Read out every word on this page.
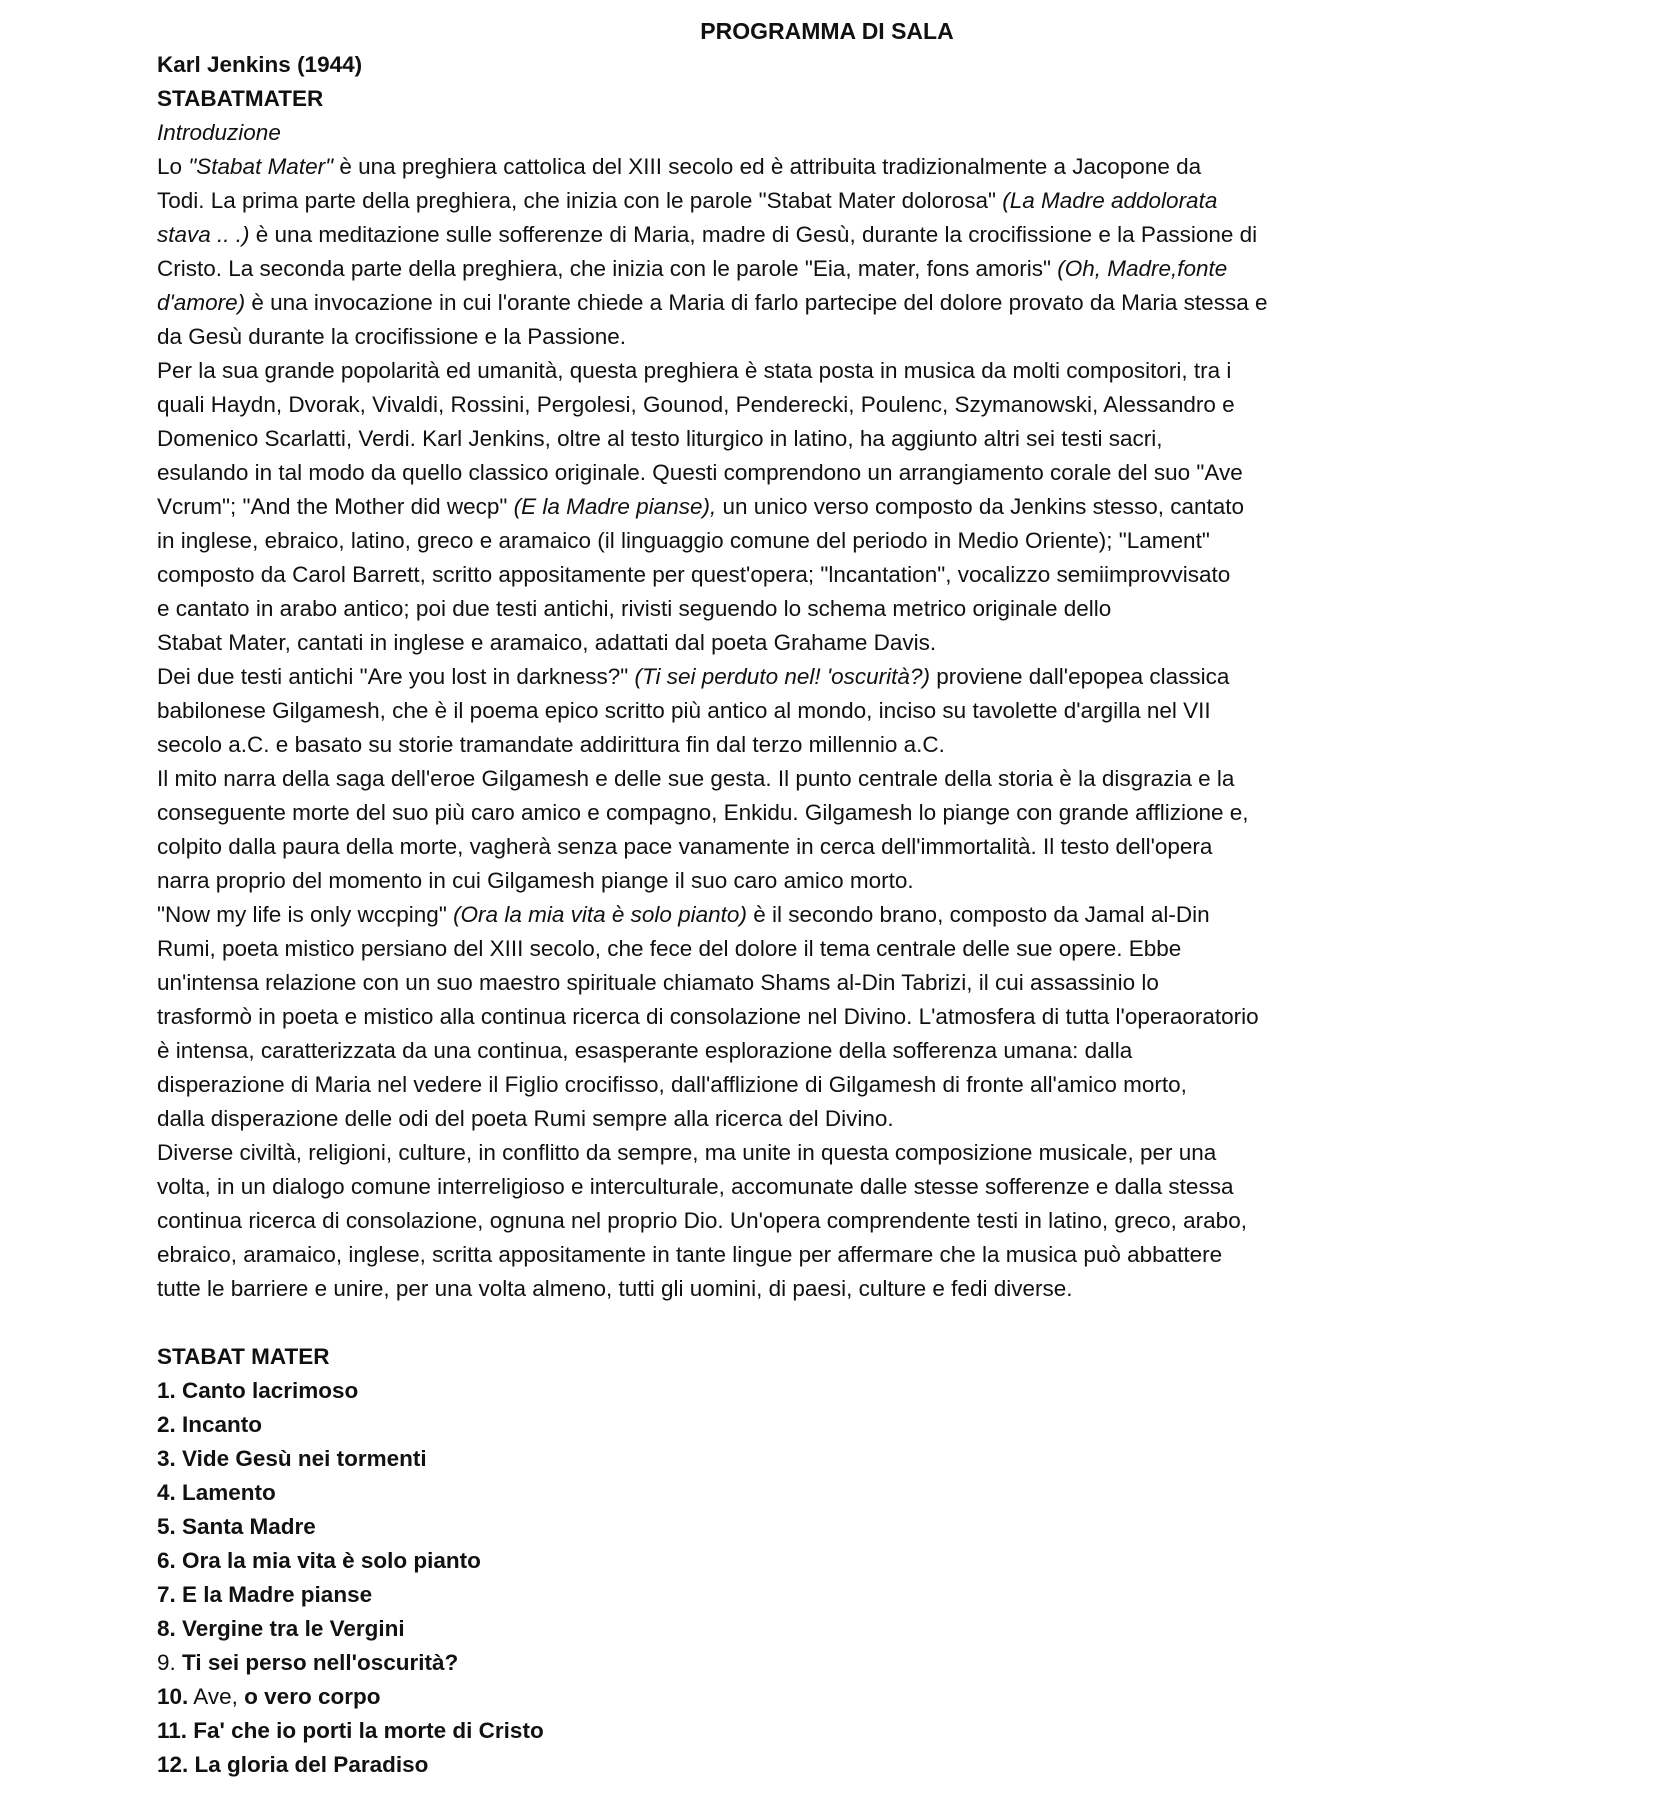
PROGRAMMA DI SALA
Karl Jenkins (1944)
STABATMATER
Introduzione
Lo "Stabat Mater" è una preghiera cattolica del XIII secolo ed è attribuita tradizionalmente a Jacopone da
Todi. La prima parte della preghiera, che inizia con le parole "Stabat Mater dolorosa" (La Madre addolorata
stava .. .) è una meditazione sulle sofferenze di Maria, madre di Gesù, durante la crocifissione e la Passione di
Cristo. La seconda parte della preghiera, che inizia con le parole "Eia, mater, fons amoris" (Oh, Madre,fonte
d'amore) è una invocazione in cui l'orante chiede a Maria di farlo partecipe del dolore provato da Maria stessa e
da Gesù durante la crocifissione e la Passione.
Per la sua grande popolarità ed umanità, questa preghiera è stata posta in musica da molti compositori, tra i
quali Haydn, Dvorak, Vivaldi, Rossini, Pergolesi, Gounod, Penderecki, Poulenc, Szymanowski, Alessandro e
Domenico Scarlatti, Verdi. Karl Jenkins, oltre al testo liturgico in latino, ha aggiunto altri sei testi sacri,
esulando in tal modo da quello classico originale. Questi comprendono un arrangiamento corale del suo "Ave
Vcrum"; "And the Mother did wecp" (E la Madre pianse), un unico verso composto da Jenkins stesso, cantato
in inglese, ebraico, latino, greco e aramaico (il linguaggio comune del periodo in Medio Oriente); "Lament"
composto da Carol Barrett, scritto appositamente per quest'opera; "lncantation", vocalizzo semiimprovvisato
e cantato in arabo antico; poi due testi antichi, rivisti seguendo lo schema metrico originale dello
Stabat Mater, cantati in inglese e aramaico, adattati dal poeta Grahame Davis.
Dei due testi antichi "Are you lost in darkness?" (Ti sei perduto nel! 'oscurità?) proviene dall'epopea classica
babilonese Gilgamesh, che è il poema epico scritto più antico al mondo, inciso su tavolette d'argilla nel VII
secolo a.C. e basato su storie tramandate addirittura fin dal terzo millennio a.C.
Il mito narra della saga dell'eroe Gilgamesh e delle sue gesta. Il punto centrale della storia è la disgrazia e la
conseguente morte del suo più caro amico e compagno, Enkidu. Gilgamesh lo piange con grande afflizione e,
colpito dalla paura della morte, vagherà senza pace vanamente in cerca dell'immortalità. Il testo dell'opera
narra proprio del momento in cui Gilgamesh piange il suo caro amico morto.
"Now my life is only wccping" (Ora la mia vita è solo pianto) è il secondo brano, composto da Jamal al-Din
Rumi, poeta mistico persiano del XIII secolo, che fece del dolore il tema centrale delle sue opere. Ebbe
un'intensa relazione con un suo maestro spirituale chiamato Shams al-Din Tabrizi, il cui assassinio lo
trasformò in poeta e mistico alla continua ricerca di consolazione nel Divino. L'atmosfera di tutta l'operaoratorio
è intensa, caratterizzata da una continua, esasperante esplorazione della sofferenza umana: dalla
disperazione di Maria nel vedere il Figlio crocifisso, dall'afflizione di Gilgamesh di fronte all'amico morto,
dalla disperazione delle odi del poeta Rumi sempre alla ricerca del Divino.
Diverse civiltà, religioni, culture, in conflitto da sempre, ma unite in questa composizione musicale, per una
volta, in un dialogo comune interreligioso e interculturale, accomunate dalle stesse sofferenze e dalla stessa
continua ricerca di consolazione, ognuna nel proprio Dio. Un'opera comprendente testi in latino, greco, arabo,
ebraico, aramaico, inglese, scritta appositamente in tante lingue per affermare che la musica può abbattere
tutte le barriere e unire, per una volta almeno, tutti gli uomini, di paesi, culture e fedi diverse.
STABAT MATER
1. Canto lacrimoso
2. Incanto
3. Vide Gesù nei tormenti
4. Lamento
5. Santa Madre
6. Ora la mia vita è solo pianto
7. E la Madre pianse
8. Vergine tra le Vergini
9. Ti sei perso nell'oscurità?
10. Ave, o vero corpo
11. Fa' che io porti la morte di Cristo
12. La gloria del Paradiso
